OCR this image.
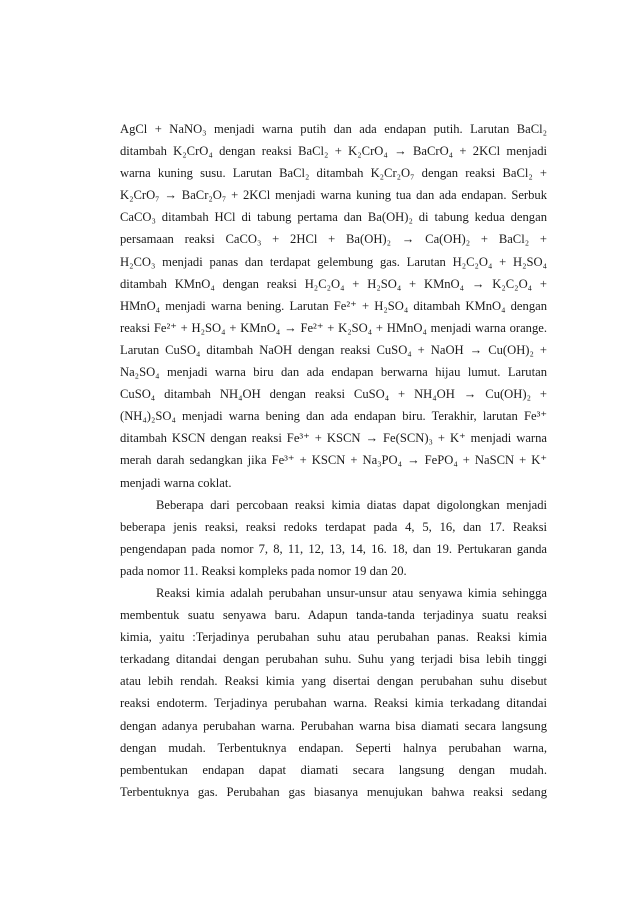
AgCl + NaNO₃ menjadi warna putih dan ada endapan putih. Larutan BaCl₂
ditambah K₂CrO₄ dengan reaksi BaCl₂ + K₂CrO₄ → BaCrO₄ + 2KCl menjadi
warna kuning susu. Larutan BaCl₂ ditambah K₂Cr₂O₇ dengan reaksi BaCl₂ +
K₂CrO₇ → BaCr₂O₇ + 2KCl menjadi warna kuning tua dan ada endapan. Serbuk
CaCO₃ ditambah HCl di tabung pertama dan Ba(OH)₂ di tabung kedua dengan
persamaan reaksi CaCO₃ + 2HCl + Ba(OH)₂ → Ca(OH)₂ + BaCl₂ +
H₂CO₃ menjadi panas dan terdapat gelembung gas. Larutan H₂C₂O₄ + H₂SO₄
ditambah KMnO₄ dengan reaksi H₂C₂O₄ + H₂SO₄ + KMnO₄ → K₂C₂O₄ +
HMnO₄ menjadi warna bening. Larutan Fe²⁺ + H₂SO₄ ditambah KMnO₄ dengan
reaksi Fe²⁺ + H₂SO₄ + KMnO₄ → Fe²⁺ + K₂SO₄ + HMnO₄ menjadi warna orange.
Larutan CuSO₄ ditambah NaOH dengan reaksi CuSO₄ + NaOH → Cu(OH)₂ +
Na₂SO₄ menjadi warna biru dan ada endapan berwarna hijau lumut. Larutan
CuSO₄ ditambah NH₄OH dengan reaksi CuSO₄ + NH₄OH → Cu(OH)₂ +
(NH₄)₂SO₄ menjadi warna bening dan ada endapan biru. Terakhir, larutan Fe³⁺
ditambah KSCN dengan reaksi Fe³⁺ + KSCN → Fe(SCN)₃ + K⁺ menjadi warna
merah darah sedangkan jika Fe³⁺ + KSCN + Na₃PO₄ → FePO₄ + NaSCN + K⁺
menjadi warna coklat.
Beberapa dari percobaan reaksi kimia diatas dapat digolongkan menjadi
beberapa jenis reaksi, reaksi redoks terdapat pada 4, 5, 16, dan 17. Reaksi
pengendapan pada nomor 7, 8, 11, 12, 13, 14, 16. 18, dan 19. Pertukaran ganda
pada nomor 11. Reaksi kompleks pada nomor 19 dan 20.
Reaksi kimia adalah perubahan unsur-unsur atau senyawa kimia sehingga
membentuk suatu senyawa baru. Adapun tanda-tanda terjadinya suatu reaksi
kimia, yaitu :Terjadinya perubahan suhu atau perubahan panas. Reaksi kimia
terkadang ditandai dengan perubahan suhu. Suhu yang terjadi bisa lebih tinggi
atau lebih rendah. Reaksi kimia yang disertai dengan perubahan suhu disebut
reaksi endoterm. Terjadinya perubahan warna. Reaksi kimia terkadang ditandai
dengan adanya perubahan warna. Perubahan warna bisa diamati secara langsung
dengan mudah. Terbentuknya endapan. Seperti halnya perubahan warna,
pembentukan endapan dapat diamati secara langsung dengan mudah.
Terbentuknya gas. Perubahan gas biasanya menujukan bahwa reaksi sedang
